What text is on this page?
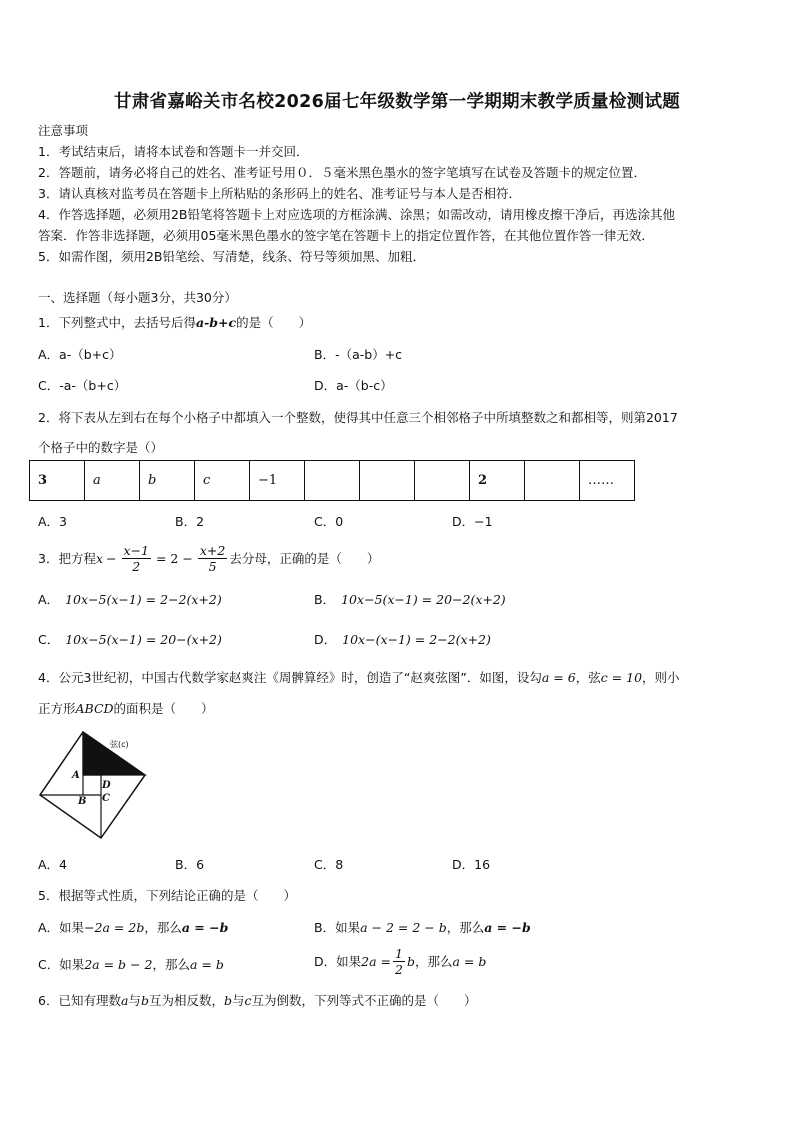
甘肃省嘉峪关市名校2026届七年级数学第一学期期末教学质量检测试题
注意事项
1．考试结束后，请将本试卷和答题卡一并交回．
2．答题前，请务必将自己的姓名、准考证号用０．５毫米黑色墨水的签字笔填写在试卷及答题卡的规定位置．
3．请认真核对监考员在答题卡上所粘贴的条形码上的姓名、准考证号与本人是否相符．
4．作答选择题，必须用2B铅笔将答题卡上对应选项的方框涂满、涂黑；如需改动，请用橡皮擦干净后，再选涂其他
答案．作答非选择题，必须用05毫米黑色墨水的签字笔在答题卡上的指定位置作答，在其他位置作答一律无效．
5．如需作图，须用2B铅笔绘、写清楚，线条、符号等须加黑、加粗．
一、选择题（每小题3分，共30分）
1．下列整式中，去括号后得a-b+c的是（　　）
A．a-（b+c）	B．-（a-b）+c
C．-a-（b+c）	D．a-（b-c）
2．将下表从左到右在每个小格子中都填入一个整数，使得其中任意三个相邻格子中所填整数之和都相等，则第2017
个格子中的数字是（）
3	a	b	c	−1				2		……
A．3	B．2	C．0	D．−1
3．把方程 $x - \frac{x-1}{2} = 2 - \frac{x+2}{5}$ 去分母，正确的是（　　）
A． 10x−5(x−1) = 2−2(x+2)	B． 10x−5(x−1) = 20−2(x+2)
C． 10x−5(x−1) = 20−(x+2)	D． 10x−(x−1) = 2−2(x+2)
4．公元3世纪初，中国古代数学家赵爽注《周髀算经》时，创造了“赵爽弦图”．如图，设勾a = 6，弦c = 10，则小
正方形ABCD的面积是（　　）
弦(c)
A
B
D
C
A．4	B．6	C．8	D．16
5．根据等式性质，下列结论正确的是（　　）
A．如果−2a = 2b，那么a = −b	B．如果a − 2 = 2 − b，那么a = −b
C．如果2a = b − 2，那么a = b	D．如果 $2a = \frac{1}{2}$ b ，那么 a = b
6．已知有理数a与b互为相反数，b与c互为倒数，下列等式不正确的是（　　）
